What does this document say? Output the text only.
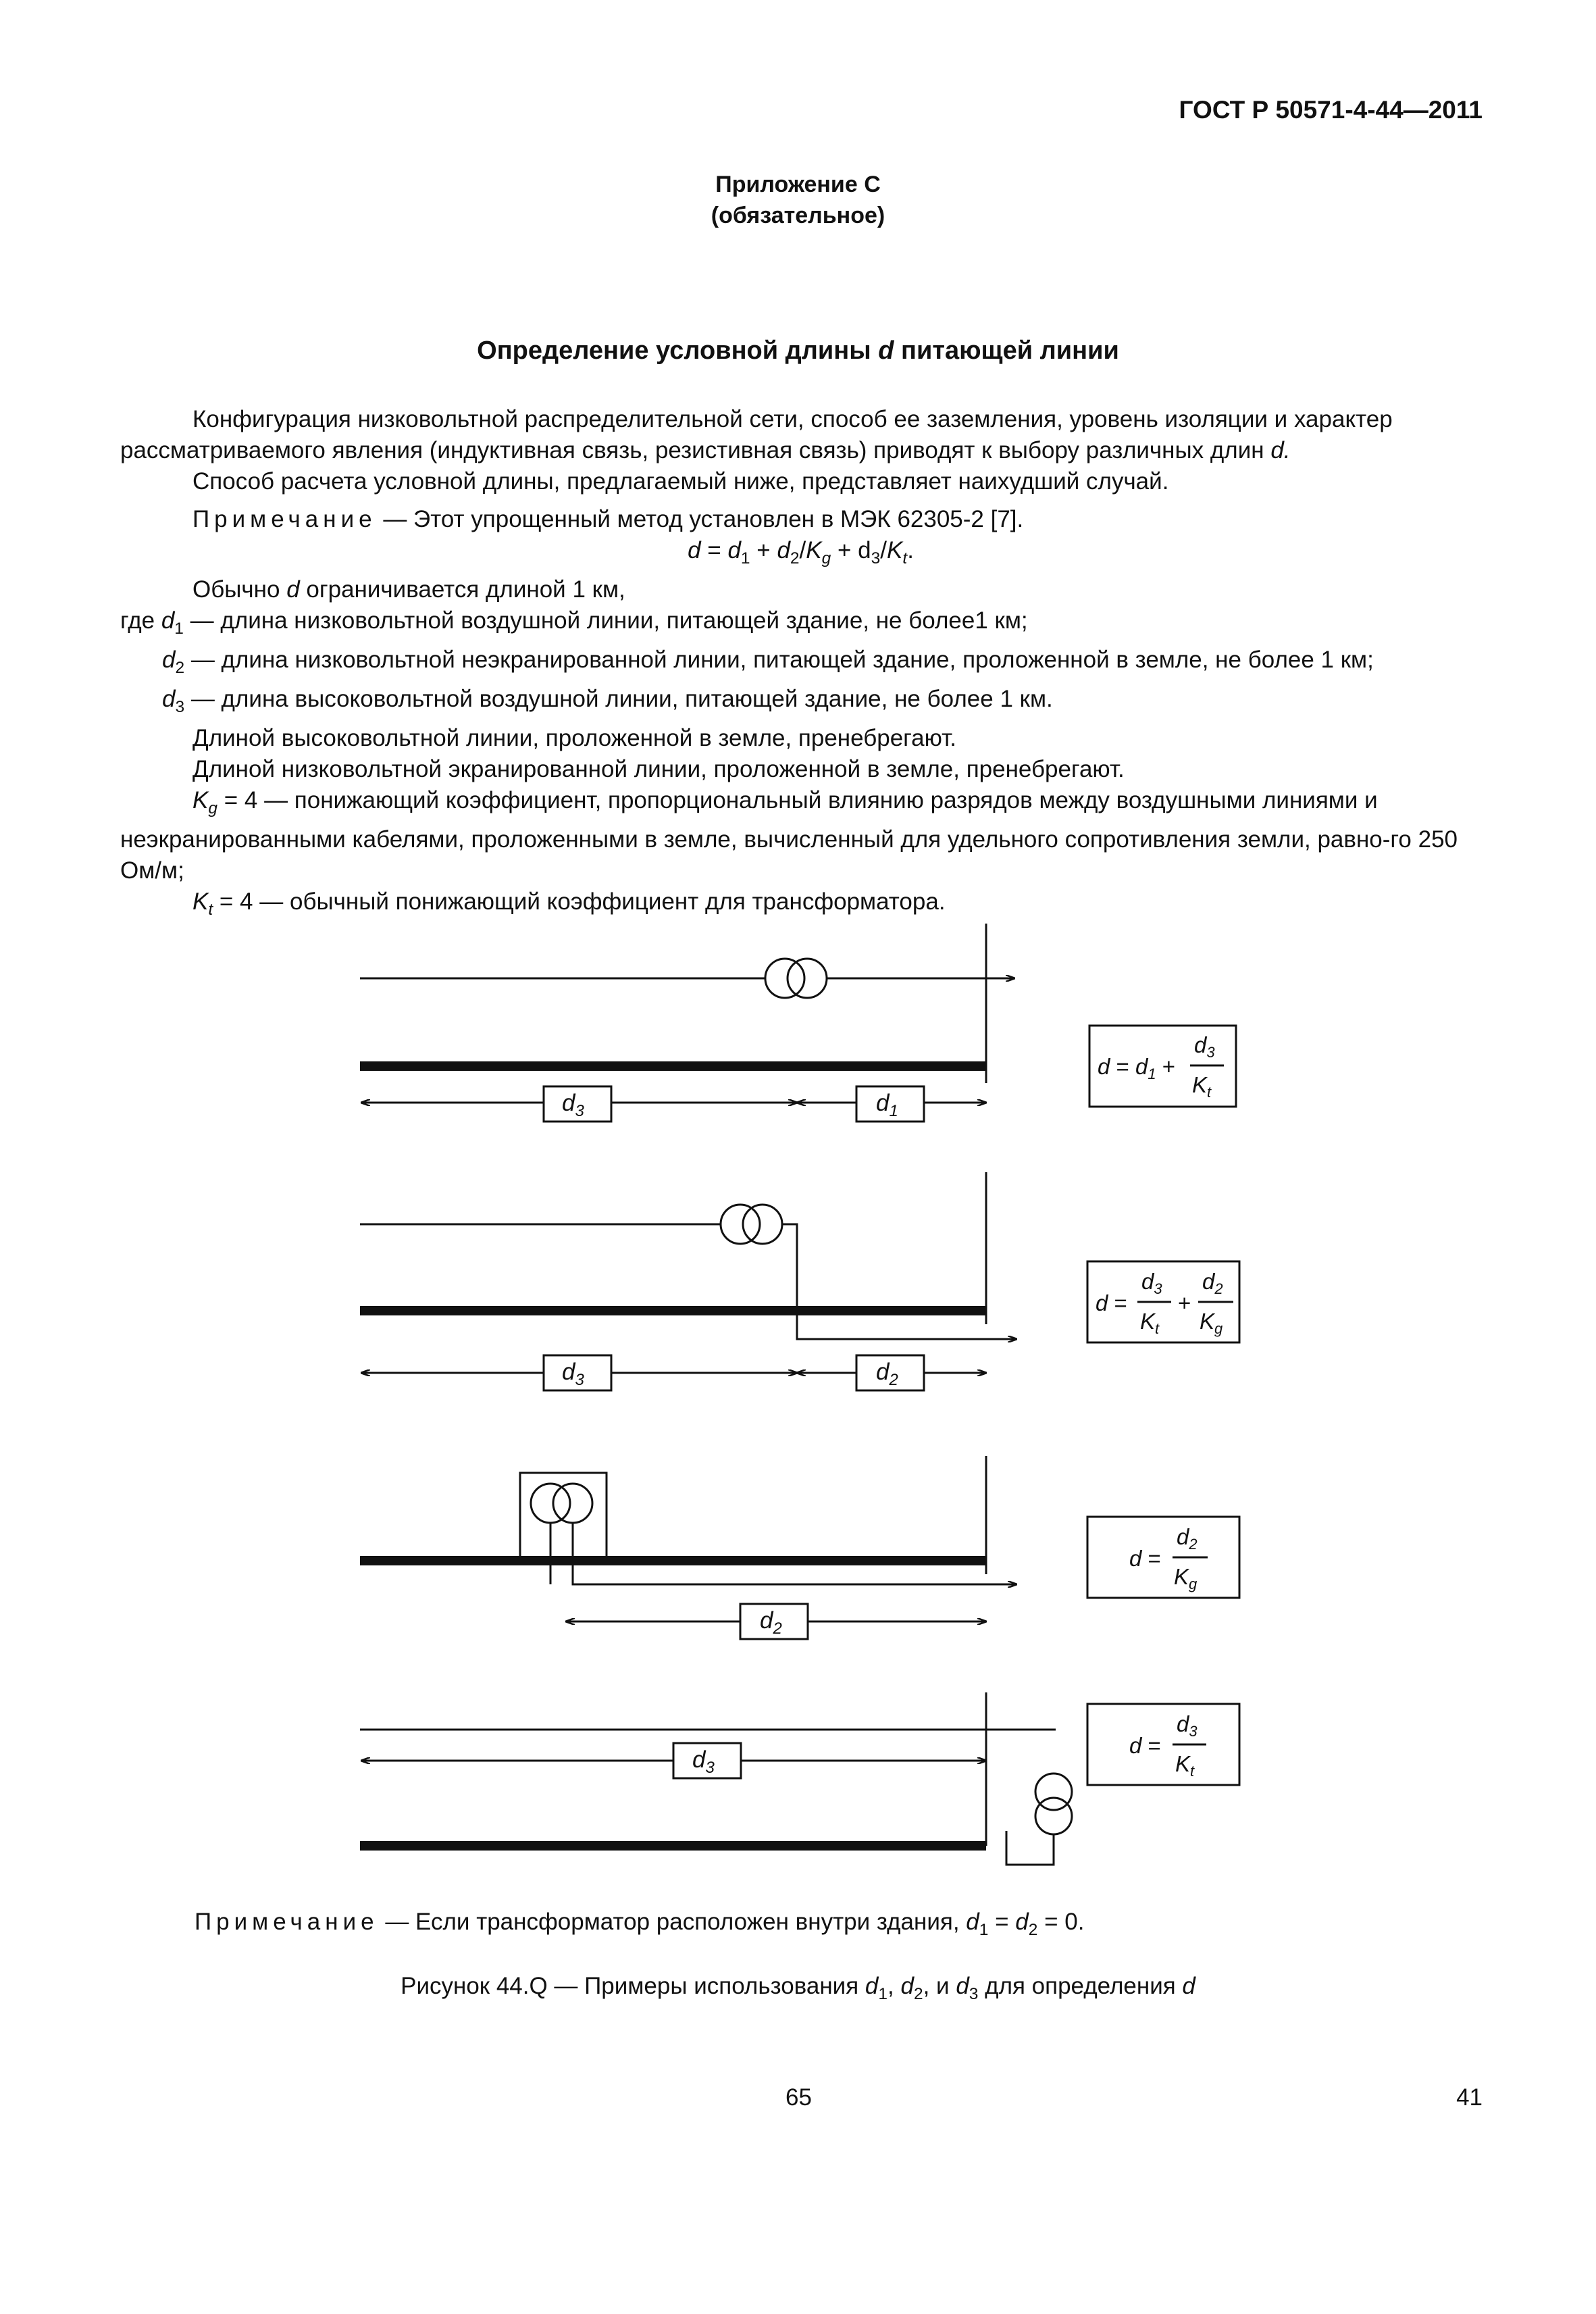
ГОСТ Р 50571-4-44—2011
Приложение С
(обязательное)
Определение условной длины d питающей линии

Конфигурация низковольтной распределительной сети, способ ее заземления, уровень изоляции и характер рассматриваемого явления (индуктивная связь, резистивная связь) приводят к выбору различных длин d.

Способ расчета условной длины, предлагаемый ниже, представляет наихудший случай.

Примечание — Этот упрощенный метод установлен в МЭК 62305-2 [7].

$d = d_1 + d_2/K_g + d_3/K_t$.

Обычно d ограничивается длиной 1 км,

где $d_1$ — длина низковольтной воздушной линии, питающей здание, не более1 км;
$d_2$ — длина низковольтной неэкранированной линии, питающей здание, проложенной в земле, не более 1 км;
$d_3$ — длина высоковольтной воздушной линии, питающей здание, не более 1 км.

Длиной высоковольтной линии, проложенной в земле, пренебрегают.

Длиной низковольтной экранированной линии, проложенной в земле, пренебрегают.

$K_g = 4$ — понижающий коэффициент, пропорциональный влиянию разрядов между воздушными линиями и неэкранированными кабелями, проложенными в земле, вычисленный для удельного сопротивления земли, равно-го 250 Ом/м;

$K_t = 4$ — обычный понижающий коэффициент для трансформатора.

$d_3$	$d_1$
$d_3$	$d_2$
$d_2$
$d_3$
$d = d_1$ +
$d_3$
$K_t$
d =
$d_3$
$K_t$
+
$d_2$
$K_g$
d =
$d_2$
$K_g$
d =
$d_3$
$K_t$
Примечание — Если трансформатор расположен внутри здания, $d_1 = d_2 = 0$.
Рисунок 44.Q — Примеры использования $d_1$, $d_2$, и $d_3$ для определения d
65	41
